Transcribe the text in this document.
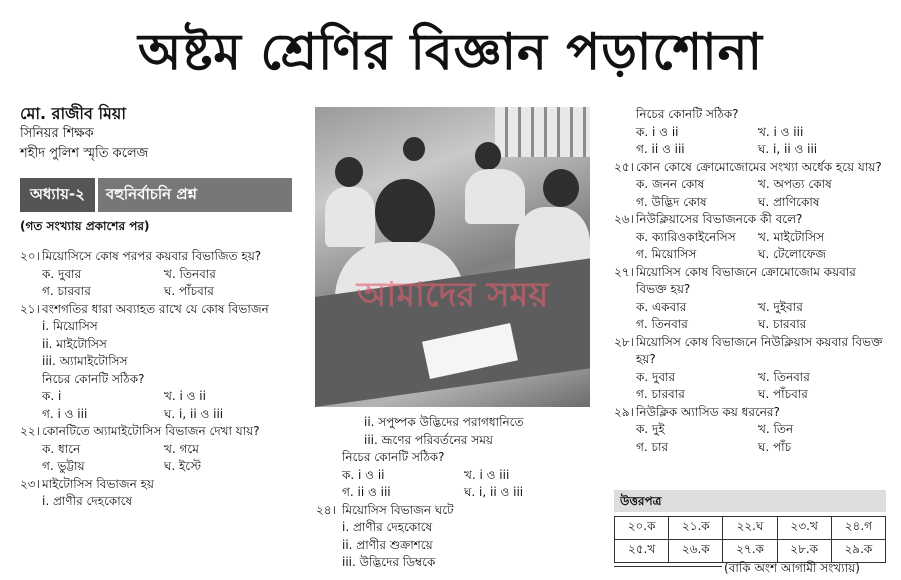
অষ্টম শ্রেণির বিজ্ঞান পড়াশোনা
মো. রাজীব মিয়া
সিনিয়র শিক্ষক
শহীদ পুলিশ স্মৃতি কলেজ
অধ্যায়-২	বহুনির্বাচনি প্রশ্ন
(গত সংখ্যায় প্রকাশের পর)
২০। মিয়োসিসে কোষ পরপর কয়বার বিভাজিত হয়?
ক. দুবার	খ. তিনবার
গ. চারবার	ঘ. পাঁচবার
২১। বংশগতির ধারা অব্যাহত রাখে যে কোষ বিভাজন
i. মিয়োসিস
ii. মাইটোসিস
iii. অ্যামাইটোসিস
নিচের কোনটি সঠিক?
ক. i	খ. i ও ii
গ. i ও iii	ঘ. i, ii ও iii
২২। কোনটিতে অ্যামাইটোসিস বিভাজন দেখা যায়?
ক. ধানে	খ. গমে
গ. ভুট্টায়	ঘ. ইস্টে
২৩। মাইটোসিস বিভাজন হয়
i. প্রাণীর দেহকোষে
আমাদের সময়
ii. সপুষ্পক উদ্ভিদের পরাগধানিতে
iii. ভ্রূণের পরিবর্তনের সময়
নিচের কোনটি সঠিক?
ক. i ও ii	খ. i ও iii
গ. ii ও iii	ঘ. i, ii ও iii
২৪। মিয়োসিস বিভাজন ঘটে
i. প্রাণীর দেহকোষে
ii. প্রাণীর শুক্রাশয়ে
iii. উদ্ভিদের ডিম্বকে
নিচের কোনটি সঠিক?
ক. i ও ii	খ. i ও iii
গ. ii ও iii	ঘ. i, ii ও iii
২৫। কোন কোষে ক্রোমোজোমের সংখ্যা অর্ধেক হয়ে যায়?
ক. জনন কোষ	খ. অপত্য কোষ
গ. উদ্ভিদ কোষ	ঘ. প্রাণিকোষ
২৬। নিউক্লিয়াসের বিভাজনকে কী বলে?
ক. ক্যারিওকাইনেসিস	খ. মাইটোসিস
গ. মিয়োসিস	ঘ. টেলোফেজ
২৭। মিয়োসিস কোষ বিভাজনে ক্রোমোজোম কয়বার বিভক্ত হয়?
ক. একবার	খ. দুইবার
গ. তিনবার	ঘ. চারবার
২৮। মিয়োসিস কোষ বিভাজনে নিউক্লিয়াস কয়বার বিভক্ত হয়?
ক. দুবার	খ. তিনবার
গ. চারবার	ঘ. পাঁচবার
২৯। নিউক্লিক অ্যাসিড কয় ধরনের?
ক. দুই	খ. তিন
গ. চার	ঘ. পাঁচ
উত্তরপত্র
২০.ক	২১.ক	২২.ঘ	২৩.খ	২৪.গ
২৫.খ	২৬.ক	২৭.ক	২৮.ক	২৯.ক
(বাকি অংশ আগামী সংখ্যায়)
